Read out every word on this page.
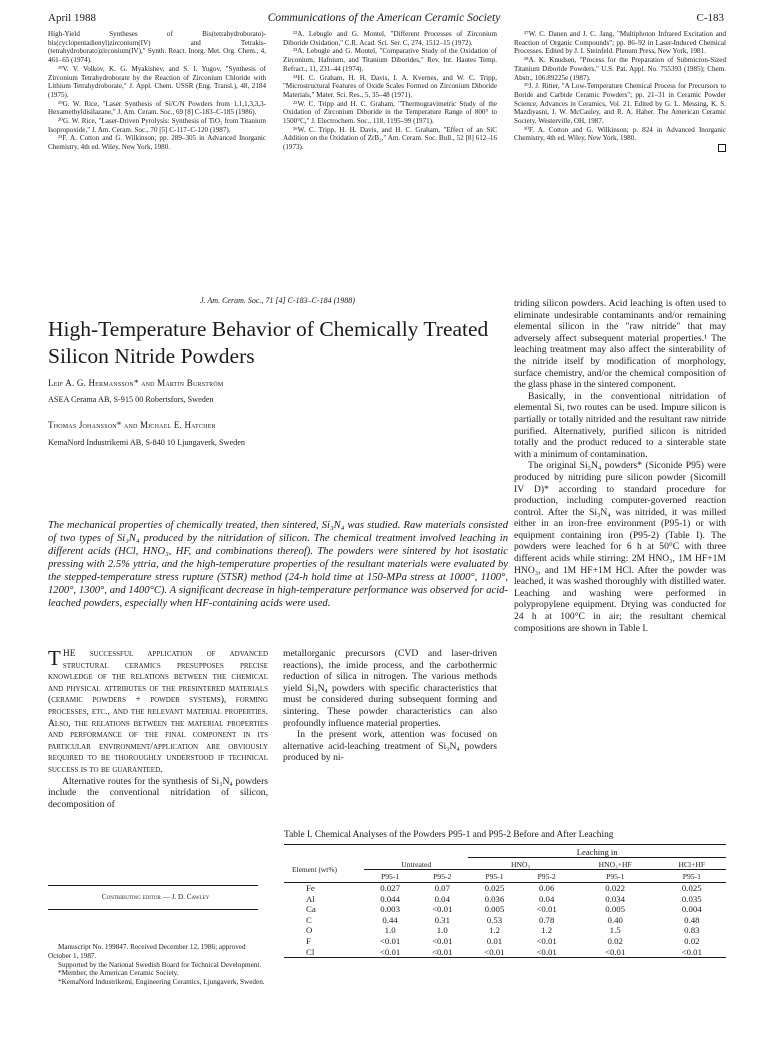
April 1988	Communications of the American Ceramic Society	C-183

High-Yield Syntheses of Bis(tetrahydroborato)-bis(cyclopentadienyl)zirconium(IV) and Tetrakis-(tetrahydroborato)zirconium(IV)," Synth. React. Inorg. Met. Org. Chem., 4, 461–65 (1974).

¹⁹V. V. Volkov, K. G. Myakishev, and S. I. Yugov, "Synthesis of Zirconium Tetrahydroborate by the Reaction of Zirconium Chloride with Lithium Tetrahydroborate," J. Appl. Chem. USSR (Eng. Transl.), 48, 2184 (1975).

¹⁹G. W. Rice, "Laser Synthesis of Si/C/N Powders from 1,1,1,3,3,3-Hexamethyldisilazane," J. Am. Ceram. Soc., 69 [8] C-183–C-185 (1986).

²⁰G. W. Rice, "Laser-Driven Pyrolysis: Synthesis of TiO₂ from Titanium Isopropoxide," J. Am. Ceram. Soc., 70 [5] C-117–C-120 (1987).

²¹F. A. Cotton and G. Wilkinson; pp. 289–305 in Advanced Inorganic Chemistry, 4th ed. Wiley, New York, 1980.

²²A. Lebugle and G. Montel, "Different Processes of Zirconium Diboride Oxidation," C.R. Acad. Sci. Ser. C, 274, 1512–15 (1972).

²³A. Lebugle and G. Montel, "Comparative Study of the Oxidation of Zirconium, Hafnium, and Titanium Diborides," Rev. Int. Hautes Temp. Refract., 11, 231–44 (1974).

²⁴H. C. Graham, H. H. Davis, I. A. Kvernes, and W. C. Tripp, "Microstructural Features of Oxide Scales Formed on Zirconium Diboride Materials," Mater. Sci. Res., 5, 35–48 (1971).

²⁵W. C. Tripp and H. C. Graham, "Thermogravimetric Study of the Oxidation of Zirconium Diboride in the Temperature Range of 800° to 1500°C," J. Electrochem. Soc., 118, 1195–99 (1971).

²⁶W. C. Tripp, H. H. Davis, and H. C. Graham, "Effect of an SiC Addition on the Oxidation of ZrB₂," Am. Ceram. Soc. Bull., 52 [8] 612–16 (1973).

²⁷W. C. Danen and J. C. Jang, "Multiphoton Infrared Excitation and Reaction of Organic Compounds"; pp. 86–92 in Laser-Induced Chemical Processes. Edited by J. I. Steinfeld. Plenum Press, New York, 1981.

²⁸A. K. Knudsen, "Process for the Preparation of Submicron-Sized Titanium Diboride Powders," U.S. Pat. Appl. No. 755393 (1985); Chem. Abstr., 106:89225e (1987).

²⁹J. J. Ritter, "A Low-Temperature Chemical Process for Precursors to Boride and Carbide Ceramic Powders"; pp. 21–31 in Ceramic Powder Science, Advances in Ceramics, Vol. 21. Edited by G. L. Messing, K. S. Mazdiyasni, J. W. McCauley, and R. A. Haber. The American Ceramic Society, Westerville, OH, 1987.

³⁰F. A. Cotton and G. Wilkinson; p. 824 in Advanced Inorganic Chemistry, 4th ed. Wiley, New York, 1980.

J. Am. Ceram. Soc., 71 [4] C-183–C-184 (1988)
High-Temperature Behavior of Chemically Treated Silicon Nitride Powders
Leif A. G. Hermansson* and Martin Burström
ASEA Cerama AB, S-915 00 Robertsfors, Sweden
Thomas Johansson* and Michael E. Hatcher
KemaNord Industrikemi AB, S-840 10 Ljungaverk, Sweden
The mechanical properties of chemically treated, then sintered, Si₃N₄ was studied. Raw materials consisted of two types of Si₃N₄ produced by the nitridation of silicon. The chemical treatment involved leaching in different acids (HCl, HNO₃, HF, and combinations thereof). The powders were sintered by hot isostatic pressing with 2.5% yttria, and the high-temperature properties of the resultant materials were evaluated by the stepped-temperature stress rupture (STSR) method (24-h hold time at 150-MPa stress at 1000°, 1100°, 1200°, 1300°, and 1400°C). A significant decrease in high-temperature performance was observed for acid-leached powders, especially when HF-containing acids were used.

triding silicon powders. Acid leaching is often used to eliminate undesirable contaminants and/or remaining elemental silicon in the "raw nitride" that may adversely affect subsequent material properties.¹ The leaching treatment may also affect the sinterability of the nitride itself by modification of morphology, surface chemistry, and/or the chemical composition of the glass phase in the sintered component.

Basically, in the conventional nitridation of elemental Si, two routes can be used. Impure silicon is partially or totally nitrided and the resultant raw nitride purified. Alternatively, purified silicon is nitrided totally and the product reduced to a sinterable state with a minimum of contamination.

The original Si₃N₄ powders* (Siconide P95) were produced by nitriding pure silicon powder (Sicomill IV D)* according to standard procedure for production, including computer-governed reaction control. After the Si₃N₄ was nitrided, it was milled either in an iron-free environment (P95-1) or with equipment containing iron (P95-2) (Table I). The powders were leached for 6 h at 50°C with three different acids while stirring: 2M HNO₃, 1M HF+1M HNO₃, and 1M HF+1M HCl. After the powder was leached, it was washed thoroughly with distilled water. Leaching and washing were performed in polypropylene equipment. Drying was conducted for 24 h at 100°C in air; the resultant chemical compositions are shown in Table I.

THE successful application of advanced structural ceramics presupposes precise knowledge of the relations between the chemical and physical attributes of the presintered materials (ceramic powders + powder systems), forming processes, etc., and the relevant material properties. Also, the relations between the material properties and performance of the final component in its particular environment/application are obviously required to be thoroughly understood if technical success is to be guaranteed.

Alternative routes for the synthesis of Si₃N₄ powders include the conventional nitridation of silicon, decomposition of

metallorganic precursors (CVD and laser-driven reactions), the imide process, and the carbothermic reduction of silica in nitrogen. The various methods yield Si₃N₄ powders with specific characteristics that must be considered during subsequent forming and sintering. These powder characteristics can also profoundly influence material properties.

In the present work, attention was focused on alternative acid-leaching treatment of Si₃N₄ powders produced by ni-

Contributing editor — J. D. Cawley

Manuscript No. 199847. Received December 12, 1986; approved October 1, 1987.

Supported by the National Swedish Board for Technical Development.

*Member, the American Ceramic Society.

*KemaNord Industrikemi, Engineering Ceramics, Ljungaverk, Sweden.

Table I. Chemical Analyses of the Powders P95-1 and P95-2 Before and After Leaching
			Leaching in			
Element (wt%)	Untreated		HNO₃		HNO₃+HF	HCl+HF
	P95-1	P95-2	P95-1	P95-2	P95-1	P95-1

Fe	0.027	0.07	0.025	0.06	0.022	0.025
Al	0.044	0.04	0.036	0.04	0.034	0.035
Ca	0.003	<0.01	0.005	<0.01	0.005	0.004
C	0.44	0.31	0.53	0.78	0.40	0.48
O	1.0	1.0	1.2	1.2	1.5	0.83
F	<0.01	<0.01	0.01	<0.01	0.02	0.02
Cl	<0.01	<0.01	<0.01	<0.01	<0.01	<0.01
